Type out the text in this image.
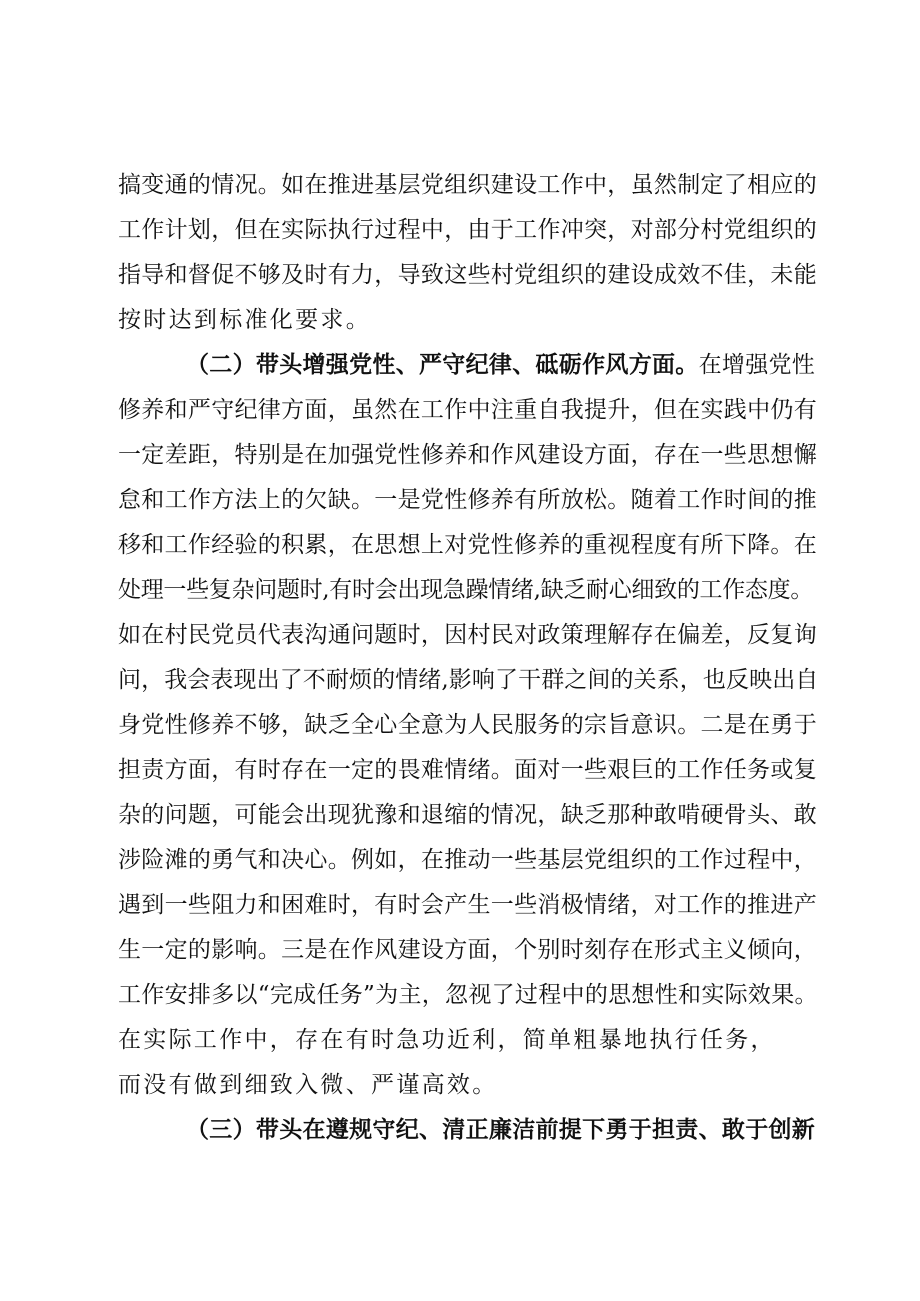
搞变通的情况。如在推进基层党组织建设工作中，虽然制定了相应的
工作计划，但在实际执行过程中，由于工作冲突，对部分村党组织的
指导和督促不够及时有力，导致这些村党组织的建设成效不佳，未能
按时达到标准化要求。
（二）带头增强党性、严守纪律、砥砺作风方面。在增强党性
修养和严守纪律方面，虽然在工作中注重自我提升，但在实践中仍有
一定差距，特别是在加强党性修养和作风建设方面，存在一些思想懈
怠和工作方法上的欠缺。一是党性修养有所放松。随着工作时间的推
移和工作经验的积累，在思想上对党性修养的重视程度有所下降。在
处理一些复杂问题时,有时会出现急躁情绪,缺乏耐心细致的工作态度。
如在村民党员代表沟通问题时，因村民对政策理解存在偏差，反复询
问，我会表现出了不耐烦的情绪,影响了干群之间的关系，也反映出自
身党性修养不够，缺乏全心全意为人民服务的宗旨意识。二是在勇于
担责方面，有时存在一定的畏难情绪。面对一些艰巨的工作任务或复
杂的问题，可能会出现犹豫和退缩的情况，缺乏那种敢啃硬骨头、敢
涉险滩的勇气和决心。例如，在推动一些基层党组织的工作过程中，
遇到一些阻力和困难时，有时会产生一些消极情绪，对工作的推进产
生一定的影响。三是在作风建设方面，个别时刻存在形式主义倾向，
工作安排多以“完成任务”为主，忽视了过程中的思想性和实际效果。
在实际工作中，存在有时急功近利，简单粗暴地执行任务，
而没有做到细致入微、严谨高效。
（三）带头在遵规守纪、清正廉洁前提下勇于担责、敢于创新
